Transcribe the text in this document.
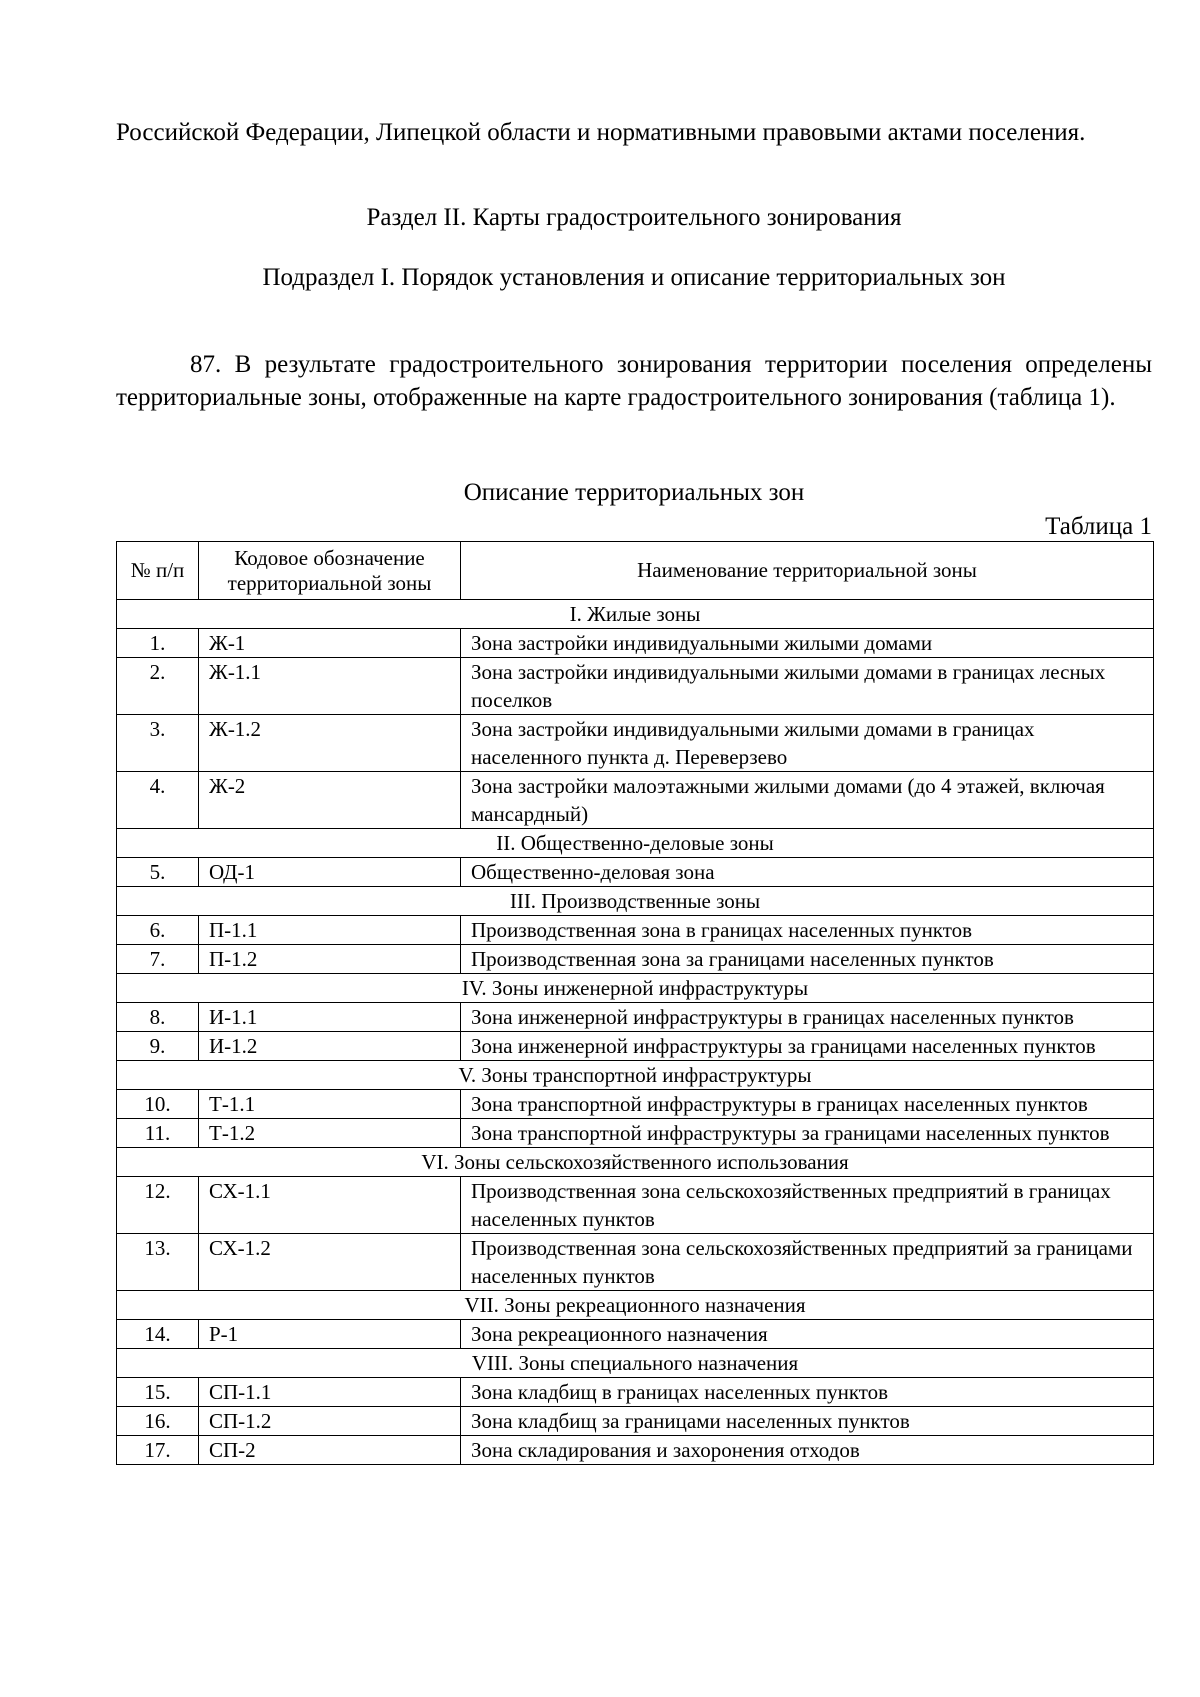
Российской Федерации, Липецкой области и нормативными правовыми актами поселения.

Раздел II. Карты градостроительного зонирования

Подраздел I. Порядок установления и описание территориальных зон

87. В результате градостроительного зонирования территории поселения определены территориальные зоны, отображенные на карте градостроительного зонирования (таблица 1).

Описание территориальных зон

Таблица 1

№ п/п	Кодовое обозначение территориальной зоны	Наименование территориальной зоны
I. Жилые зоны		
1.	Ж-1	Зона застройки индивидуальными жилыми домами
2.	Ж-1.1	Зона застройки индивидуальными жилыми домами в границах лесных поселков
3.	Ж-1.2	Зона застройки индивидуальными жилыми домами в границах населенного пункта д. Переверзево
4.	Ж-2	Зона застройки малоэтажными жилыми домами (до 4 этажей, включая мансардный)
II. Общественно-деловые зоны		
5.	ОД-1	Общественно-деловая зона
III. Производственные зоны		
6.	П-1.1	Производственная зона в границах населенных пунктов
7.	П-1.2	Производственная зона за границами населенных пунктов
IV. Зоны инженерной инфраструктуры		
8.	И-1.1	Зона инженерной инфраструктуры в границах населенных пунктов
9.	И-1.2	Зона инженерной инфраструктуры за границами населенных пунктов
V. Зоны транспортной инфраструктуры		
10.	Т-1.1	Зона транспортной инфраструктуры в границах населенных пунктов
11.	Т-1.2	Зона транспортной инфраструктуры за границами населенных пунктов
VI. Зоны сельскохозяйственного использования		
12.	СХ-1.1	Производственная зона сельскохозяйственных предприятий в границах населенных пунктов
13.	СХ-1.2	Производственная зона сельскохозяйственных предприятий за границами населенных пунктов
VII. Зоны рекреационного назначения		
14.	Р-1	Зона рекреационного назначения
VIII. Зоны специального назначения		
15.	СП-1.1	Зона кладбищ в границах населенных пунктов
16.	СП-1.2	Зона кладбищ за границами населенных пунктов
17.	СП-2	Зона складирования и захоронения отходов
